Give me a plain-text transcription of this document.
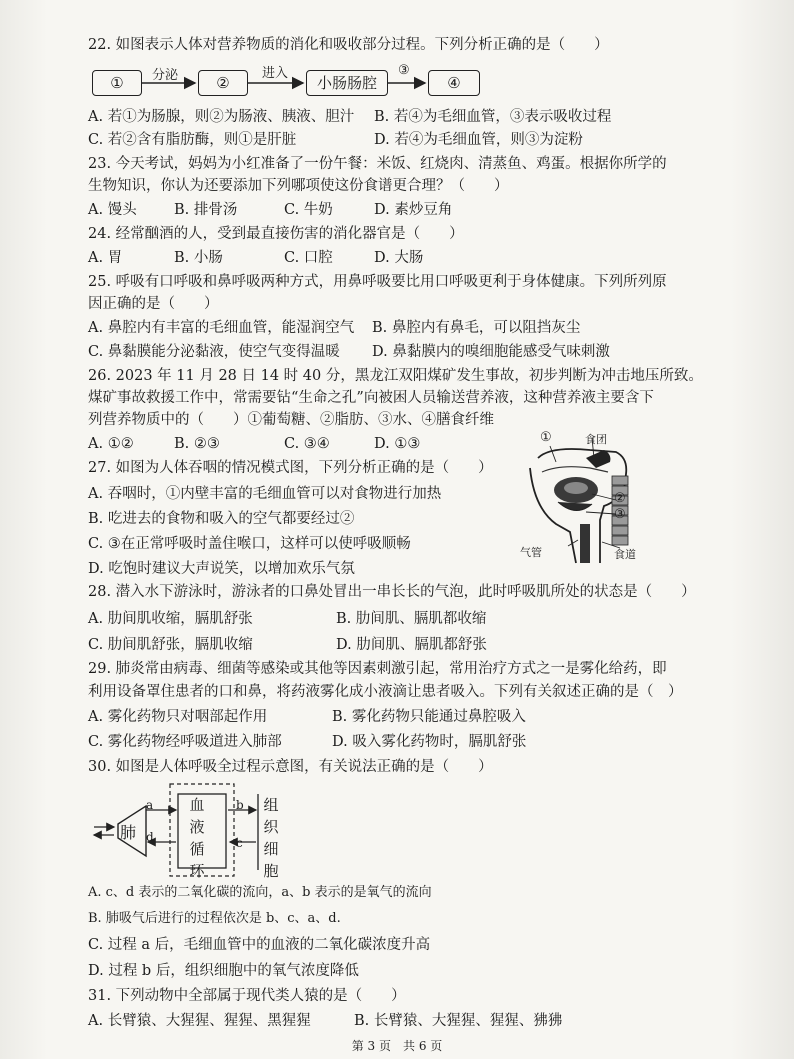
22. 如图表示人体对营养物质的消化和吸收部分过程。下列分析正确的是（　　）
①	②	小肠肠腔	④
分泌	进入	③
A. 若①为肠腺，则②为肠液、胰液、胆汁 B. 若④为毛细血管，③表示吸收过程
C. 若②含有脂肪酶，则①是肝脏	D. 若④为毛细血管，则③为淀粉
23. 今天考试，妈妈为小红准备了一份午餐：米饭、红烧肉、清蒸鱼、鸡蛋。根据你所学的
生物知识，你认为还要添加下列哪项使这份食谱更合理？（　　）
A. 馒头	B. 排骨汤	C. 牛奶	D. 素炒豆角
24. 经常酗酒的人，受到最直接伤害的消化器官是（　　）
A. 胃	B. 小肠	C. 口腔	D. 大肠
25. 呼吸有口呼吸和鼻呼吸两种方式，用鼻呼吸要比用口呼吸更利于身体健康。下列所列原
因正确的是（　　）
A. 鼻腔内有丰富的毛细血管，能湿润空气 B. 鼻腔内有鼻毛，可以阻挡灰尘
C. 鼻黏膜能分泌黏液，使空气变得温暖 D. 鼻黏膜内的嗅细胞能感受气味刺激
26. 2023 年 11 月 28 日 14 时 40 分，黑龙江双阳煤矿发生事故，初步判断为冲击地压所致。
煤矿事故救援工作中，常需要钻“生命之孔”向被困人员输送营养液，这种营养液主要含下
列营养物质中的（　　）①葡萄糖、②脂肪、③水、④膳食纤维
A. ①②	B. ②③	C. ③④	D. ①③
27. 如图为人体吞咽的情况模式图，下列分析正确的是（　　）
A. 吞咽时，①内壁丰富的毛细血管可以对食物进行加热
B. 吃进去的食物和吸入的空气都要经过②
C. ③在正常呼吸时盖住喉口，这样可以使呼吸顺畅
D. 吃饱时建议大声说笑，以增加欢乐气氛
①	食团
②
③
气管	食道
28. 潜入水下游泳时，游泳者的口鼻处冒出一串长长的气泡，此时呼吸肌所处的状态是（　　）
A. 肋间肌收缩，膈肌舒张	B. 肋间肌、膈肌都收缩
C. 肋间肌舒张，膈肌收缩	D. 肋间肌、膈肌都舒张
29. 肺炎常由病毒、细菌等感染或其他等因素刺激引起，常用治疗方式之一是雾化给药，即
利用设备罩住患者的口和鼻，将药液雾化成小液滴让患者吸入。下列有关叙述正确的是（　）
A. 雾化药物只对咽部起作用	B. 雾化药物只能通过鼻腔吸入
C. 雾化药物经呼吸道进入肺部	D. 吸入雾化药物时，膈肌舒张
30. 如图是人体呼吸全过程示意图，有关说法正确的是（　　）
血
液
循
环
组
织
细
胞
肺
a
d
b
c
A. c、d 表示的二氧化碳的流向，a、b 表示的是氧气的流向
B. 肺吸气后进行的过程依次是 b、c、a、d.
C. 过程 a 后，毛细血管中的血液的二氧化碳浓度升高
D. 过程 b 后，组织细胞中的氧气浓度降低
31. 下列动物中全部属于现代类人猿的是（　　）
A. 长臂猿、大猩猩、猩猩、黑猩猩	B. 长臂猿、大猩猩、猩猩、狒狒
第 3 页　共 6 页
